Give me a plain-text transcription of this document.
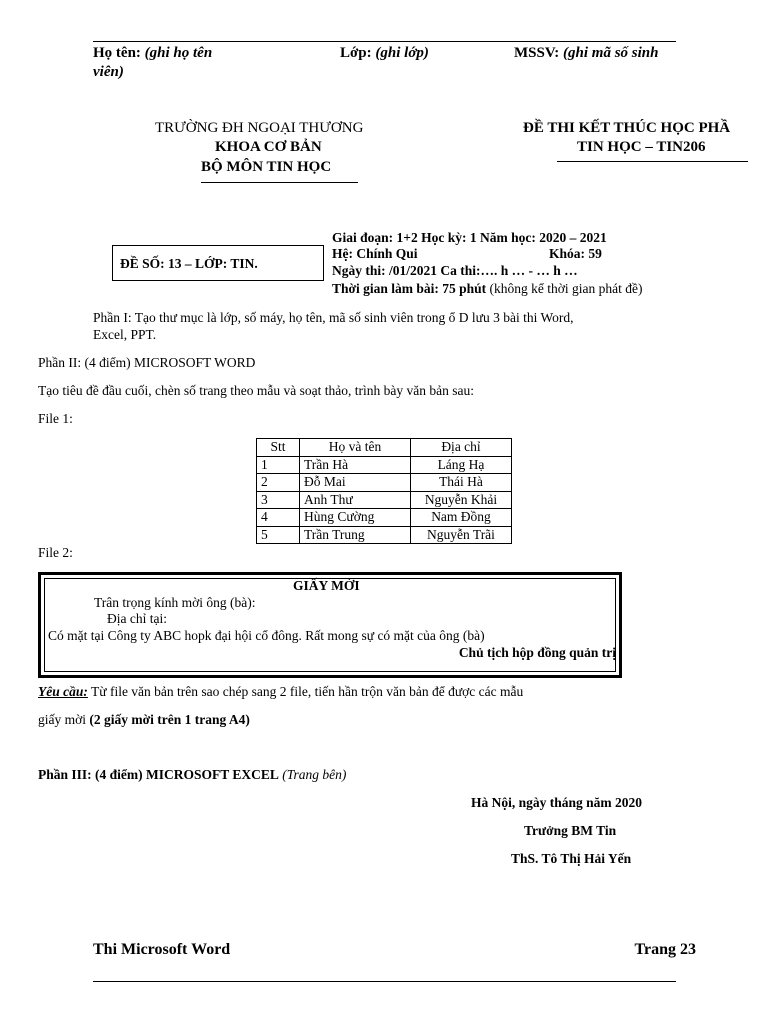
Họ tên: (ghi họ tên
viên)
Lớp: (ghi lớp)	MSSV: (ghi mã số sinh
TRƯỜNG ĐH NGOẠI THƯƠNG
KHOA CƠ BẢN
BỘ MÔN TIN HỌC
ĐỀ THI KẾT THÚC HỌC PHẦ
TIN HỌC – TIN206
ĐỀ SỐ: 13 – LỚP: TIN.
Giai đoạn: 1+2 Học kỳ: 1 Năm học: 2020 – 2021
Hệ: Chính Qui	Khóa: 59
Ngày thi: /01/2021 Ca thi:…. h … - … h …
Thời gian làm bài: 75 phút (không kể thời gian phát đề)
Phần I: Tạo thư mục là lớp, số máy, họ tên, mã số sinh viên trong ổ D lưu 3 bài thi Word,
Excel, PPT.
Phần II: (4 điểm) MICROSOFT WORD
Tạo tiêu đề đầu cuối, chèn số trang theo mẫu và soạt thảo, trình bày văn bản sau:
File 1:
Stt	Họ và tên	Địa chỉ
1	Trần Hà	Láng Hạ
2	Đỗ Mai	Thái Hà
3	Anh Thư	Nguyễn Khải
4	Hùng Cường	Nam Đồng
5	Trần Trung	Nguyễn Trãi
File 2:
GIẤY MỜI
Trân trọng kính mời ông (bà):
Địa chỉ tại:
Có mặt tại Công ty ABC hopk đại hội cổ đông. Rất mong sự có mặt của ông (bà)
Chủ tịch hộp đồng quản trị
Yêu cầu: Từ file văn bản trên sao chép sang 2 file, tiến hần trộn văn bản để được các mẫu
giấy mời (2 giấy mời trên 1 trang A4)
Phần III: (4 điểm) MICROSOFT EXCEL (Trang bên)
Hà Nội, ngày tháng năm 2020
Trưởng BM Tin
ThS. Tô Thị Hải Yến
Thi Microsoft Word	Trang 23
